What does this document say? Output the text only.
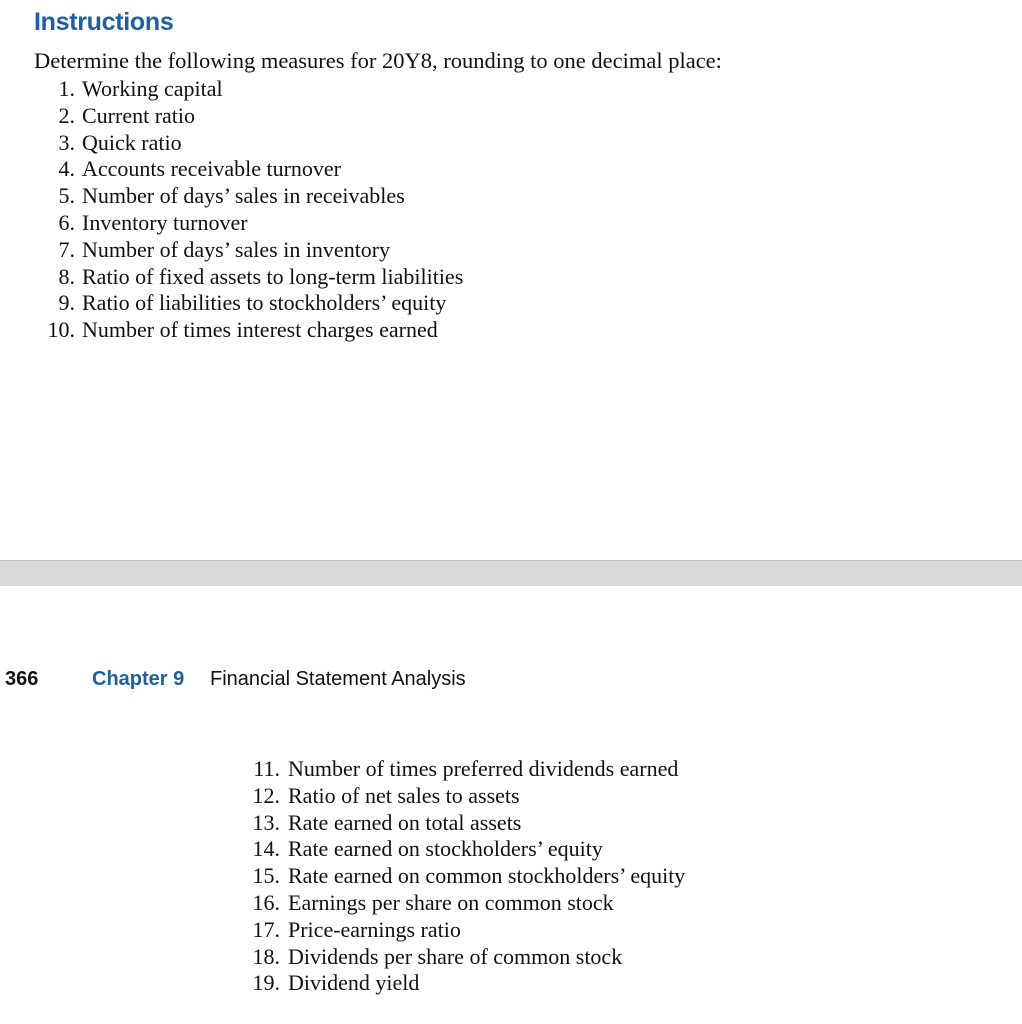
Instructions
Determine the following measures for 20Y8, rounding to one decimal place:
1. Working capital
2. Current ratio
3. Quick ratio
4. Accounts receivable turnover
5. Number of days’ sales in receivables
6. Inventory turnover
7. Number of days’ sales in inventory
8. Ratio of fixed assets to long-term liabilities
9. Ratio of liabilities to stockholders’ equity
10. Number of times interest charges earned
366	Chapter 9 Financial Statement Analysis
11. Number of times preferred dividends earned
12. Ratio of net sales to assets
13. Rate earned on total assets
14. Rate earned on stockholders’ equity
15. Rate earned on common stockholders’ equity
16. Earnings per share on common stock
17. Price-earnings ratio
18. Dividends per share of common stock
19. Dividend yield
